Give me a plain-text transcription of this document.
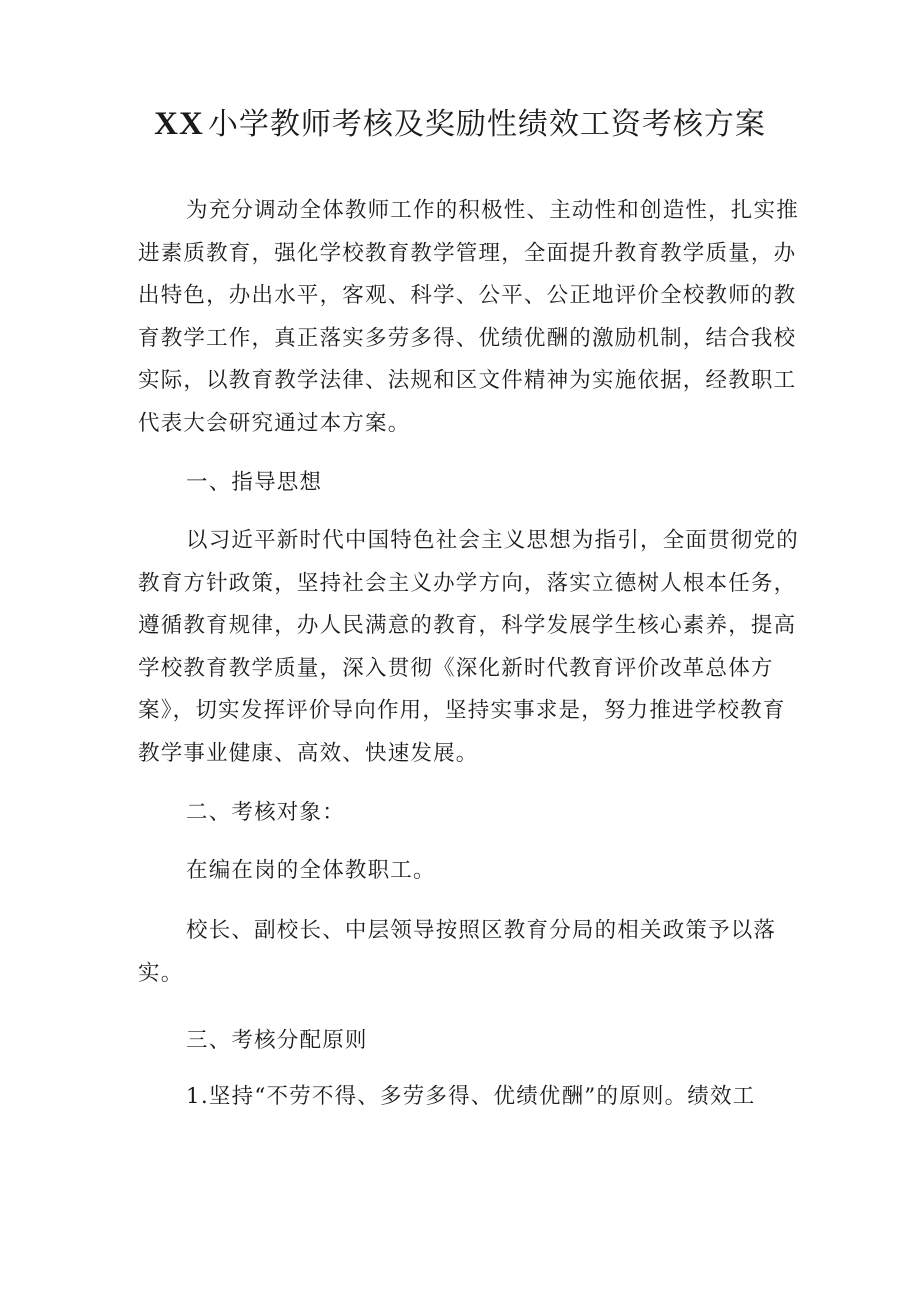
XX 小学教师考核及奖励性绩效工资考核方案

为充分调动全体教师工作的积极性、主动性和创造性，扎实推进素质教育，强化学校教育教学管理，全面提升教育教学质量，办出特色，办出水平，客观、科学、公平、公正地评价全校教师的教育教学工作，真正落实多劳多得、优绩优酬的激励机制，结合我校实际，以教育教学法律、法规和区文件精神为实施依据，经教职工代表大会研究通过本方案。

一、指导思想

以习近平新时代中国特色社会主义思想为指引，全面贯彻党的教育方针政策，坚持社会主义办学方向，落实立德树人根本任务，遵循教育规律，办人民满意的教育，科学发展学生核心素养，提高学校教育教学质量，深入贯彻《深化新时代教育评价改革总体方案》，切实发挥评价导向作用，坚持实事求是，努力推进学校教育教学事业健康、高效、快速发展。

二、考核对象：

在编在岗的全体教职工。

校长、副校长、中层领导按照区教育分局的相关政策予以落实。

三、考核分配原则

1.坚持“不劳不得、多劳多得、优绩优酬”的原则。绩效工
